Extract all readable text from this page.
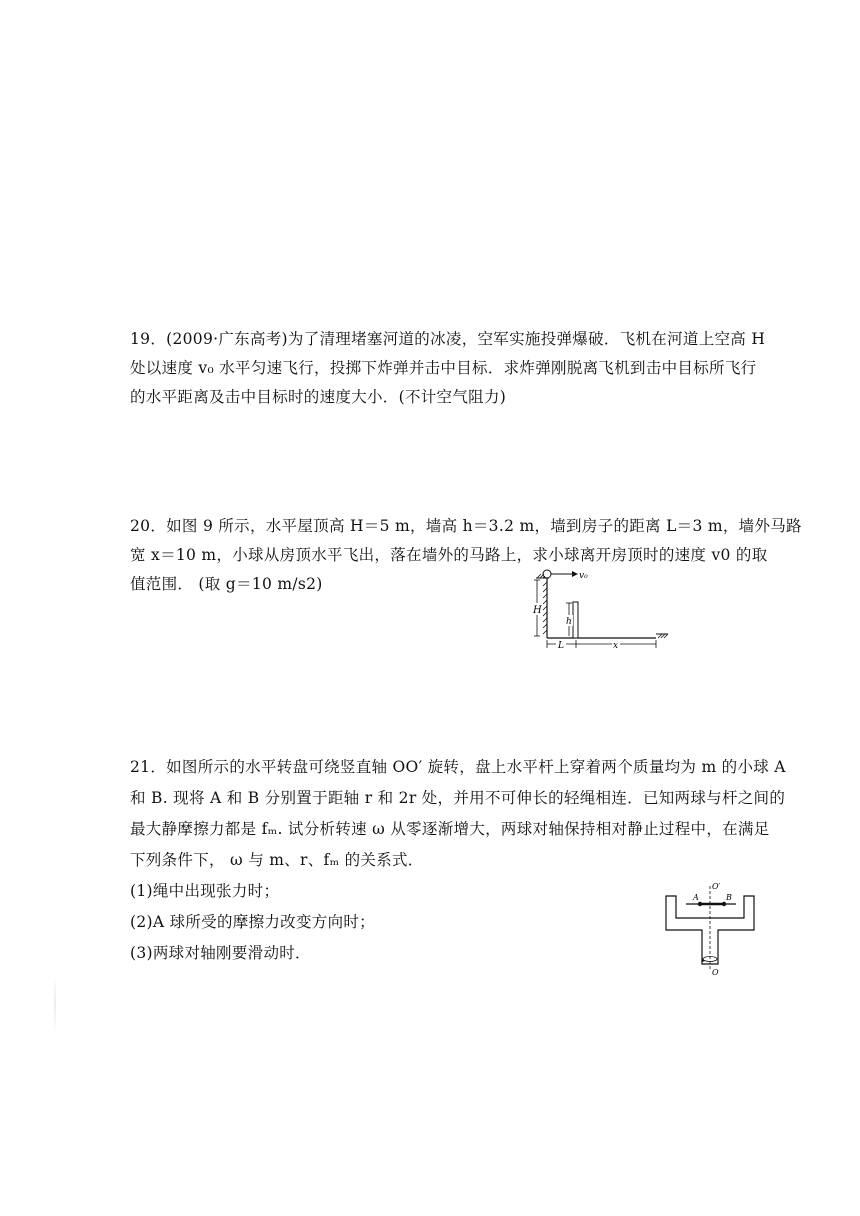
19．(2009·广东高考)为了清理堵塞河道的冰凌，空军实施投弹爆破．飞机在河道上空高 H
处以速度 v₀ 水平匀速飞行，投掷下炸弹并击中目标．求炸弹刚脱离飞机到击中目标所飞行
的水平距离及击中目标时的速度大小．(不计空气阻力)
20．如图 9 所示，水平屋顶高 H＝5 m，墙高 h＝3.2 m，墙到房子的距离 L＝3 m，墙外马路
宽 x＝10 m，小球从房顶水平飞出，落在墙外的马路上，求小球离开房顶时的速度 v0 的取
值范围． (取 g＝10 m/s2)	v₀
H
h
L	x
21．如图所示的水平转盘可绕竖直轴 OO′ 旋转，盘上水平杆上穿着两个质量均为 m 的小球 A
和 B. 现将 A 和 B 分别置于距轴 r 和 2r 处，并用不可伸长的轻绳相连．已知两球与杆之间的
最大静摩擦力都是 fₘ. 试分析转速 ω 从零逐渐增大，两球对轴保持相对静止过程中，在满足
下列条件下， ω 与 m、r、fₘ 的关系式．
(1)绳中出现张力时；
(2)A 球所受的摩擦力改变方向时；
(3)两球对轴刚要滑动时．
A	B
O′
O
